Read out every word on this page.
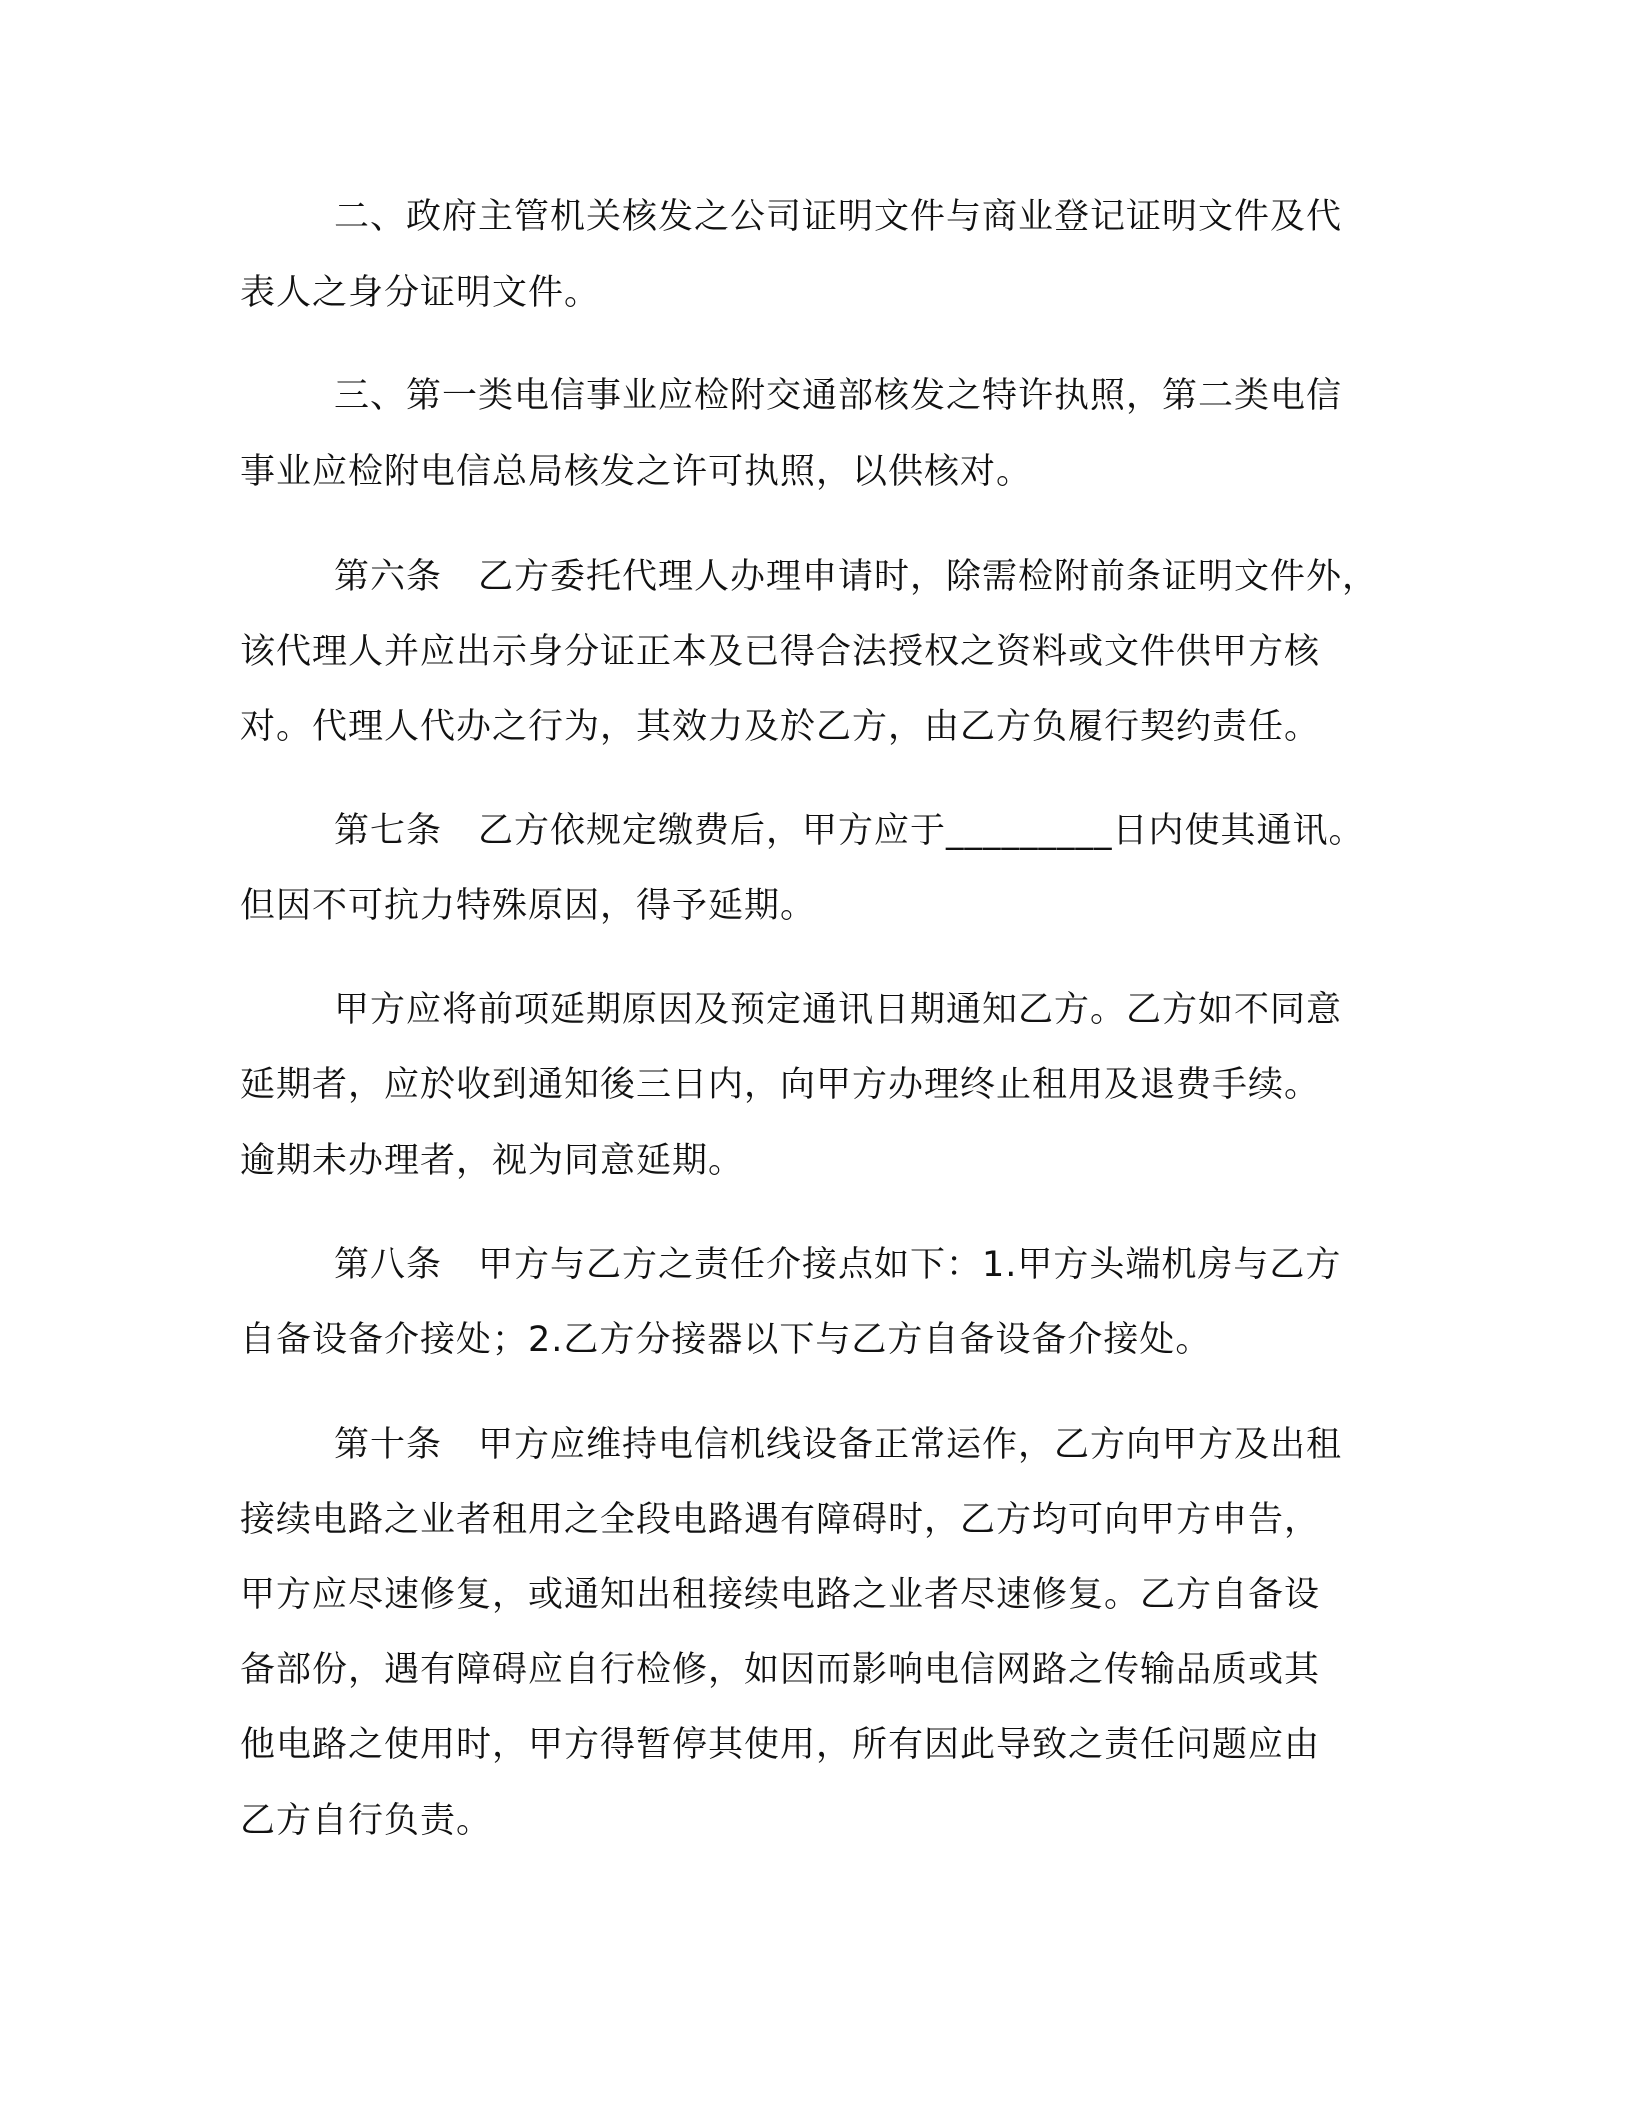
二、政府主管机关核发之公司证明文件与商业登记证明文件及代

表人之身分证明文件。

三、第一类电信事业应检附交通部核发之特许执照，第二类电信

事业应检附电信总局核发之许可执照，以供核对。

第六条　乙方委托代理人办理申请时，除需检附前条证明文件外，

该代理人并应出示身分证正本及已得合法授权之资料或文件供甲方核

对。代理人代办之行为，其效力及於乙方，由乙方负履行契约责任。

第七条　乙方依规定缴费后，甲方应于_________日内使其通讯。

但因不可抗力特殊原因，得予延期。

甲方应将前项延期原因及预定通讯日期通知乙方。乙方如不同意

延期者，应於收到通知後三日内，向甲方办理终止租用及退费手续。

逾期未办理者，视为同意延期。

第八条　甲方与乙方之责任介接点如下：1.甲方头端机房与乙方

自备设备介接处；2.乙方分接器以下与乙方自备设备介接处。

第十条　甲方应维持电信机线设备正常运作，乙方向甲方及出租

接续电路之业者租用之全段电路遇有障碍时，乙方均可向甲方申告，

甲方应尽速修复，或通知出租接续电路之业者尽速修复。乙方自备设

备部份，遇有障碍应自行检修，如因而影响电信网路之传输品质或其

他电路之使用时，甲方得暂停其使用，所有因此导致之责任问题应由

乙方自行负责。
